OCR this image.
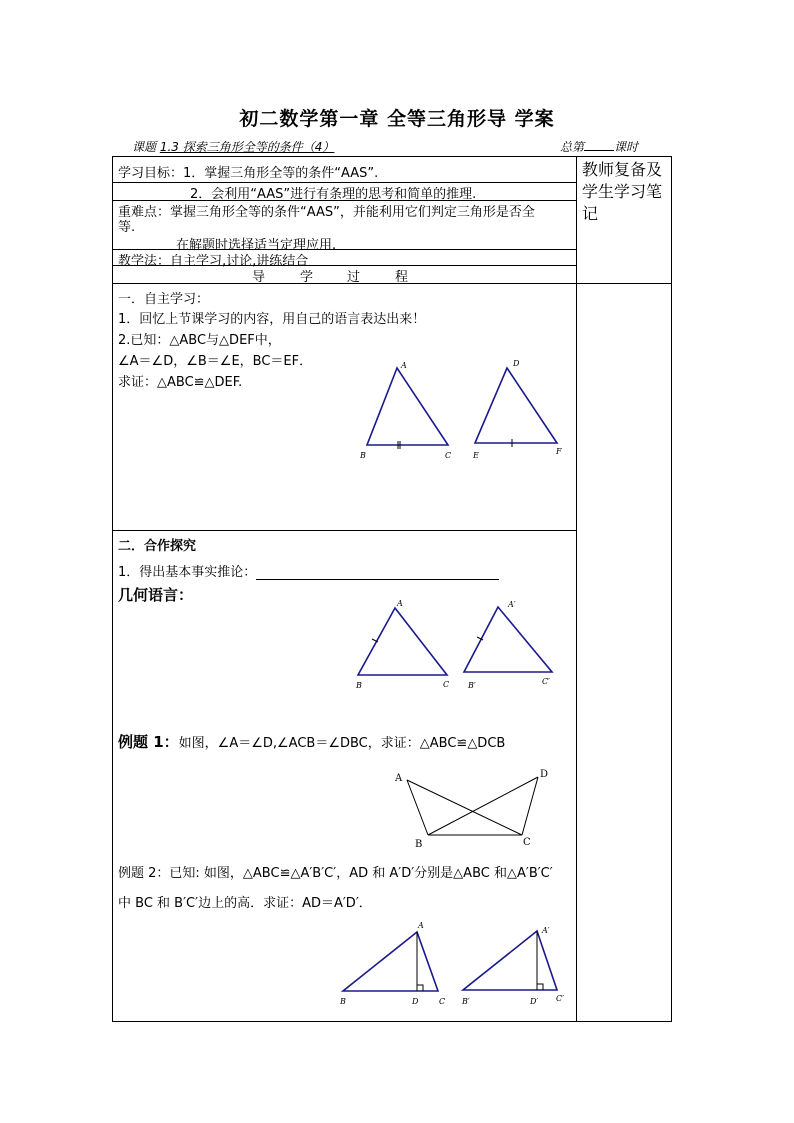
初二数学第一章 全等三角形导 学案
课题 1.3 探索三角形全等的条件（4）	总第	课时
教师复备及学生学习笔记
学习目标：1．掌握三角形全等的条件“AAS”.
2．会利用“AAS”进行有条理的思考和简单的推理.
重难点：掌握三角形全等的条件“AAS”，并能利用它们判定三角形是否全
等.
在解题时选择适当定理应用.
教学法：自主学习,讨论,讲练结合
导	学	过	程
一．自主学习：
1．回忆上节课学习的内容，用自己的语言表达出来！
2.已知：△ABC与△DEF中，
∠A＝∠D，∠B＝∠E，BC＝EF．
求证：△ABC≌△DEF.
A
B	C
D
E	F
二．合作探究
1．得出基本事实推论：
几何语言：	A
B	C
A′
B′	C′
例题 1：如图，∠A＝∠D,∠ACB＝∠DBC，求证：△ABC≌△DCB
A	D
B	C
例题 2：已知: 如图，△ABC≌△A′B′C′，AD 和 A′D′分别是△ABC 和△A′B′C′
中 BC 和 B′C′边上的高．求证：AD＝A′D′．
A
B	D	C
A′
B′	D′ C′
